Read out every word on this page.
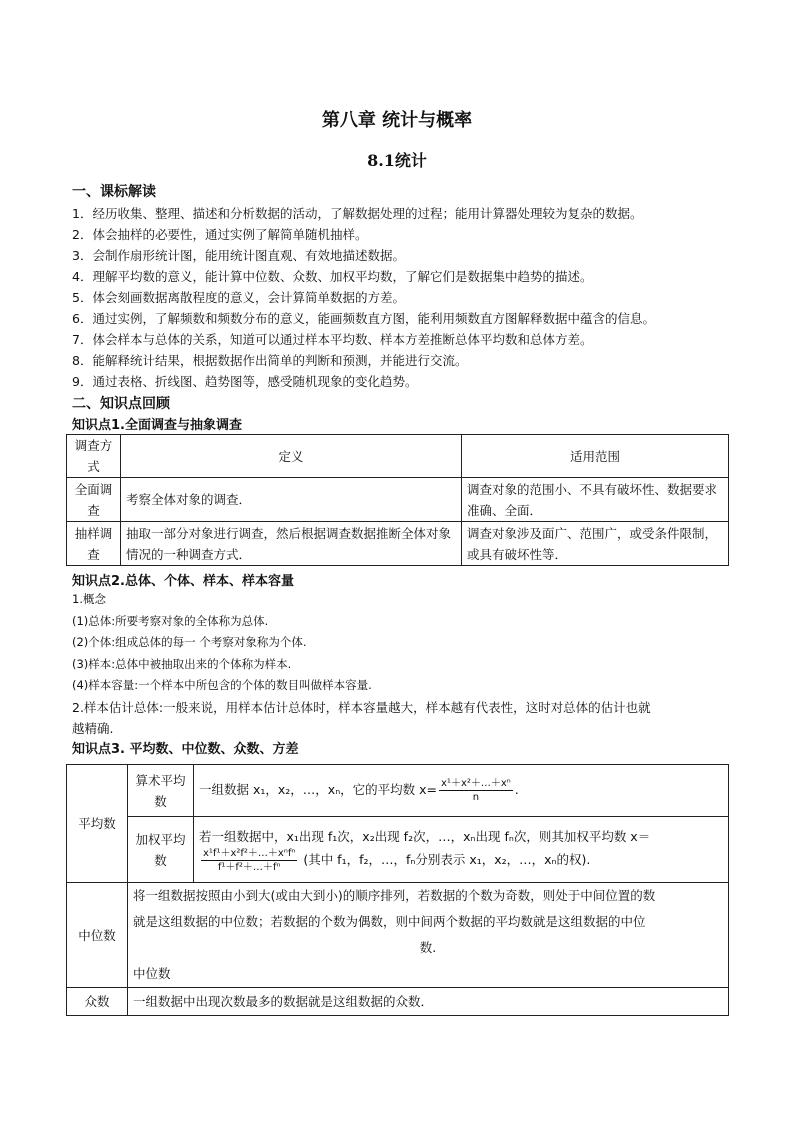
第八章 统计与概率
8.1统计
一、课标解读
1．经历收集、整理、描述和分析数据的活动，了解数据处理的过程；能用计算器处理较为复杂的数据。
2．体会抽样的必要性，通过实例了解简单随机抽样。
3．会制作扇形统计图，能用统计图直观、有效地描述数据。
4．理解平均数的意义，能计算中位数、众数、加权平均数，了解它们是数据集中趋势的描述。
5．体会刻画数据离散程度的意义，会计算简单数据的方差。
6．通过实例，了解频数和频数分布的意义，能画频数直方图，能利用频数直方图解释数据中蕴含的信息。
7．体会样本与总体的关系，知道可以通过样本平均数、样本方差推断总体平均数和总体方差。
8．能解释统计结果，根据数据作出简单的判断和预测，并能进行交流。
9．通过表格、折线图、趋势图等，感受随机现象的变化趋势。
二、知识点回顾
知识点1.全面调查与抽象调查
调查方式	定义	适用范围
全面调查	考察全体对象的调查．	调查对象的范围小、不具有破坏性、数据要求准确、全面．
抽样调查	抽取一部分对象进行调查，然后根据调查数据推断全体对象情况的一种调查方式．	调查对象涉及面广、范围广，或受条件限制，或具有破坏性等．
知识点2.总体、个体、样本、样本容量
1.概念
(1)总体:所要考察对象的全体称为总体.
(2)个体:组成总体的每一 个考察对象称为个体.
(3)样本:总体中被抽取出来的个体称为样本.
(4)样本容量:一个样本中所包含的个体的数目叫做样本容量.
2.样本估计总体:一般来说，用样本估计总体时，样本容量越大，样本越有代表性，这时对总体的估计也就
越精确.
知识点3. 平均数、中位数、众数、方差
平均数	算术平均数	一组数据 x₁，x₂，…，xₙ，它的平均数 $x= \frac{\text{x¹＋x²＋…＋xⁿ}}{n}$ .
	加权平均数	若一组数据中，x₁出现 f₁次，x₂出现 f₂次，…，xₙ出现 fₙ次，则其加权平均数 x＝
$\frac{\text{x¹f¹＋x²f²＋…＋xⁿfⁿ}}{\text{f¹＋f²＋…＋fⁿ}}$ (其中 f₁，f₂，…，fₙ分别表示 x₁，x₂，…，xₙ的权).

中位数	将一组数据按照由小到大(或由大到小)的顺序排列，若数据的个数为奇数，则处于中间位置的数
就是这组数据的中位数；若数据的个数为偶数，则中间两个数据的平均数就是这组数据的中位
数.
中位数	

众数	一组数据中出现次数最多的数据就是这组数据的众数．	
